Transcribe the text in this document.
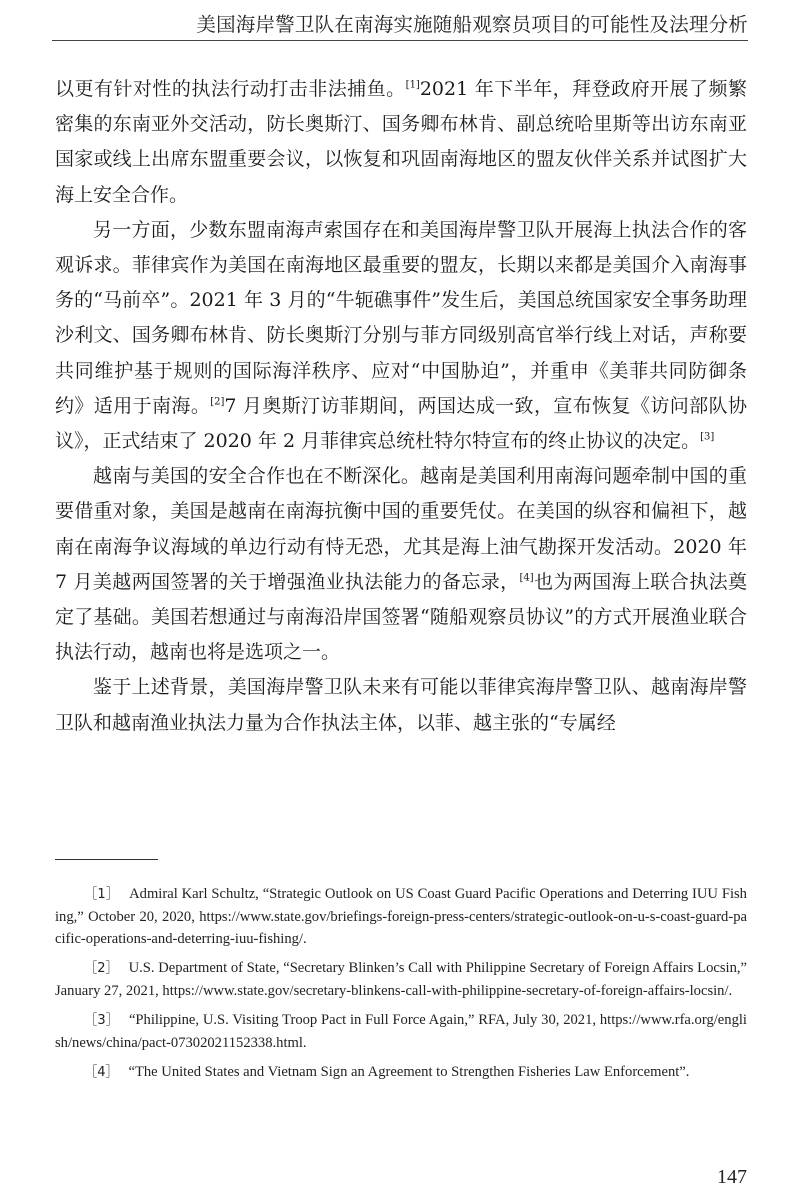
美国海岸警卫队在南海实施随船观察员项目的可能性及法理分析

以更有针对性的执法行动打击非法捕鱼。[1]2021 年下半年，拜登政府开展了频繁密集的东南亚外交活动，防长奥斯汀、国务卿布林肯、副总统哈里斯等出访东南亚国家或线上出席东盟重要会议，以恢复和巩固南海地区的盟友伙伴关系并试图扩大海上安全合作。

另一方面，少数东盟南海声索国存在和美国海岸警卫队开展海上执法合作的客观诉求。菲律宾作为美国在南海地区最重要的盟友，长期以来都是美国介入南海事务的“马前卒”。2021 年 3 月的“牛轭礁事件”发生后，美国总统国家安全事务助理沙利文、国务卿布林肯、防长奥斯汀分别与菲方同级别高官举行线上对话，声称要共同维护基于规则的国际海洋秩序、应对“中国胁迫”，并重申《美菲共同防御条约》适用于南海。[2]7 月奥斯汀访菲期间，两国达成一致，宣布恢复《访问部队协议》，正式结束了 2020 年 2 月菲律宾总统杜特尔特宣布的终止协议的决定。[3]

越南与美国的安全合作也在不断深化。越南是美国利用南海问题牵制中国的重要借重对象，美国是越南在南海抗衡中国的重要凭仗。在美国的纵容和偏袒下，越南在南海争议海域的单边行动有恃无恐，尤其是海上油气勘探开发活动。2020 年 7 月美越两国签署的关于增强渔业执法能力的备忘录，[4]也为两国海上联合执法奠定了基础。美国若想通过与南海沿岸国签署“随船观察员协议”的方式开展渔业联合执法行动，越南也将是选项之一。

鉴于上述背景，美国海岸警卫队未来有可能以菲律宾海岸警卫队、越南海岸警卫队和越南渔业执法力量为合作执法主体，以菲、越主张的“专属经

［1］ Admiral Karl Schultz, “Strategic Outlook on US Coast Guard Pacific Operations and Deterring IUU Fishing,” October 20, 2020, https://www.state.gov/briefings-foreign-press-centers/strategic-outlook-on-u-s-coast-guard-pacific-operations-and-deterring-iuu-fishing/.

［2］ U.S. Department of State, “Secretary Blinken’s Call with Philippine Secretary of Foreign Affairs Locsin,” January 27, 2021, https://www.state.gov/secretary-blinkens-call-with-philippine-secretary-of-foreign-affairs-locsin/.

［3］ “Philippine, U.S. Visiting Troop Pact in Full Force Again,” RFA, July 30, 2021, https://www.rfa.org/english/news/china/pact-07302021152338.html.

［4］ “The United States and Vietnam Sign an Agreement to Strengthen Fisheries Law Enforcement”.

147
